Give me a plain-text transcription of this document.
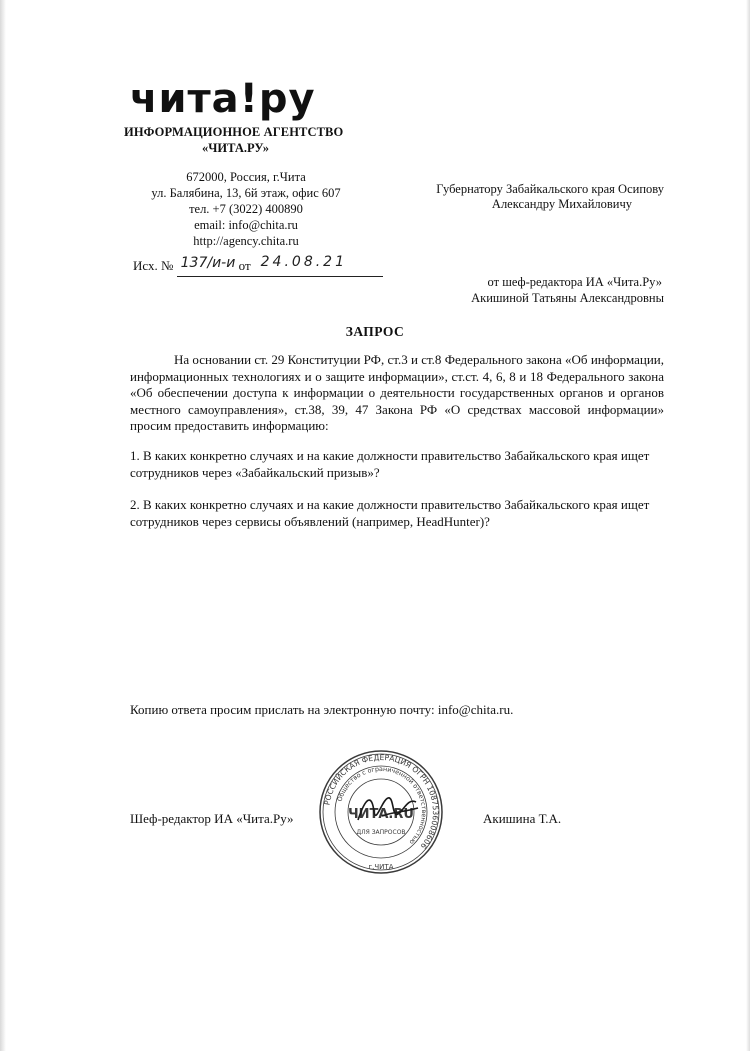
чита!ру
ИНФОРМАЦИОННОЕ АГЕНТСТВО
«ЧИТА.РУ»
672000, Россия, г.Чита
ул. Балябина, 13, 6й этаж, офис 607
тел. +7 (3022) 400890
email: info@chita.ru
http://agency.chita.ru
Исх. № 137/и-и от 24.08.21
Губернатору Забайкальского края Осипову
Александру Михайловичу
от шеф-редактора ИА «Чита.Ру»
Акишиной Татьяны Александровны
ЗАПРОС

На основании ст. 29 Конституции РФ, ст.3 и ст.8 Федерального закона «Об информации, информационных технологиях и о защите информации», ст.ст. 4, 6, 8 и 18 Федерального закона «Об обеспечении доступа к информации о деятельности государственных органов и органов местного самоуправления», ст.38, 39, 47 Закона РФ «О средствах массовой информации» просим предоставить информацию:

1. В каких конкретно случаях и на какие должности правительство Забайкальского края ищет сотрудников через «Забайкальский призыв»?
2. В каких конкретно случаях и на какие должности правительство Забайкальского края ищет сотрудников через сервисы объявлений (например, HeadHunter)?
Копию ответа просим прислать на электронную почту: info@chita.ru.
Шеф-редактор ИА «Чита.Ру»	Акишина Т.А.
РОССИЙСКАЯ ФЕДЕРАЦИЯ ОГРН 1087536008606
Общество с ограниченной ответственностью
ЧИТА.RU
ДЛЯ ЗАПРОСОВ
г.ЧИТА
